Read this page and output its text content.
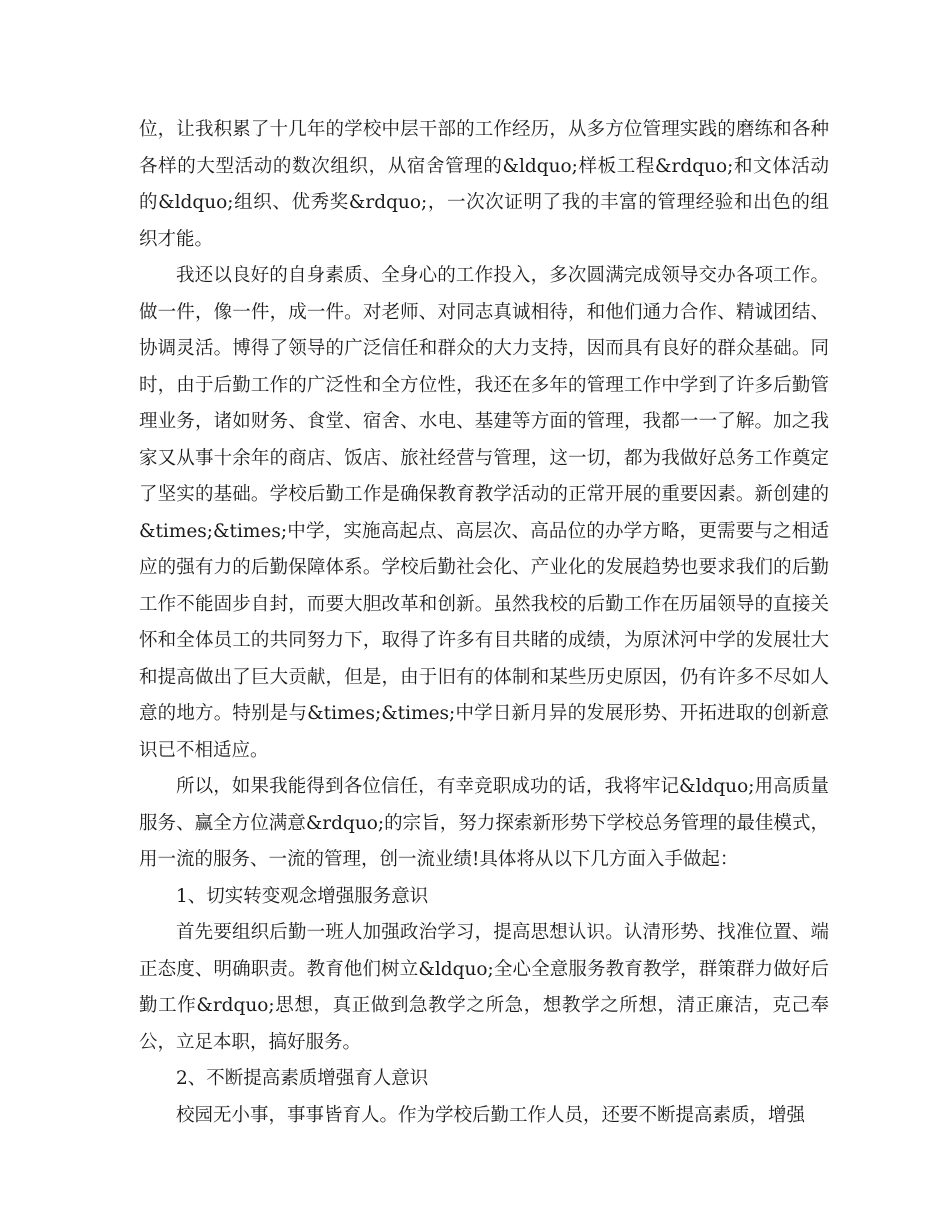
位，让我积累了十几年的学校中层干部的工作经历，从多方位管理实践的磨练和各种各样的大型活动的数次组织，从宿舍管理的&ldquo;样板工程&rdquo;和文体活动的&ldquo;组织、优秀奖&rdquo;，一次次证明了我的丰富的管理经验和出色的组织才能。

我还以良好的自身素质、全身心的工作投入，多次圆满完成领导交办各项工作。做一件，像一件，成一件。对老师、对同志真诚相待，和他们通力合作、精诚团结、协调灵活。博得了领导的广泛信任和群众的大力支持，因而具有良好的群众基础。同时，由于后勤工作的广泛性和全方位性，我还在多年的管理工作中学到了许多后勤管理业务，诸如财务、食堂、宿舍、水电、基建等方面的管理，我都一一了解。加之我家又从事十余年的商店、饭店、旅社经营与管理，这一切，都为我做好总务工作奠定了坚实的基础。学校后勤工作是确保教育教学活动的正常开展的重要因素。新创建的&times;&times;中学，实施高起点、高层次、高品位的办学方略，更需要与之相适应的强有力的后勤保障体系。学校后勤社会化、产业化的发展趋势也要求我们的后勤工作不能固步自封，而要大胆改革和创新。虽然我校的后勤工作在历届领导的直接关怀和全体员工的共同努力下，取得了许多有目共睹的成绩，为原沭河中学的发展壮大和提高做出了巨大贡献，但是，由于旧有的体制和某些历史原因，仍有许多不尽如人意的地方。特别是与&times;&times;中学日新月异的发展形势、开拓进取的创新意识已不相适应。

所以，如果我能得到各位信任，有幸竞职成功的话，我将牢记&ldquo;用高质量服务、赢全方位满意&rdquo;的宗旨，努力探索新形势下学校总务管理的最佳模式，用一流的服务、一流的管理，创一流业绩!具体将从以下几方面入手做起：

1、切实转变观念增强服务意识

首先要组织后勤一班人加强政治学习，提高思想认识。认清形势、找准位置、端正态度、明确职责。教育他们树立&ldquo;全心全意服务教育教学，群策群力做好后勤工作&rdquo;思想，真正做到急教学之所急，想教学之所想，清正廉洁，克己奉公，立足本职，搞好服务。

2、不断提高素质增强育人意识

校园无小事，事事皆育人。作为学校后勤工作人员，还要不断提高素质，增强
